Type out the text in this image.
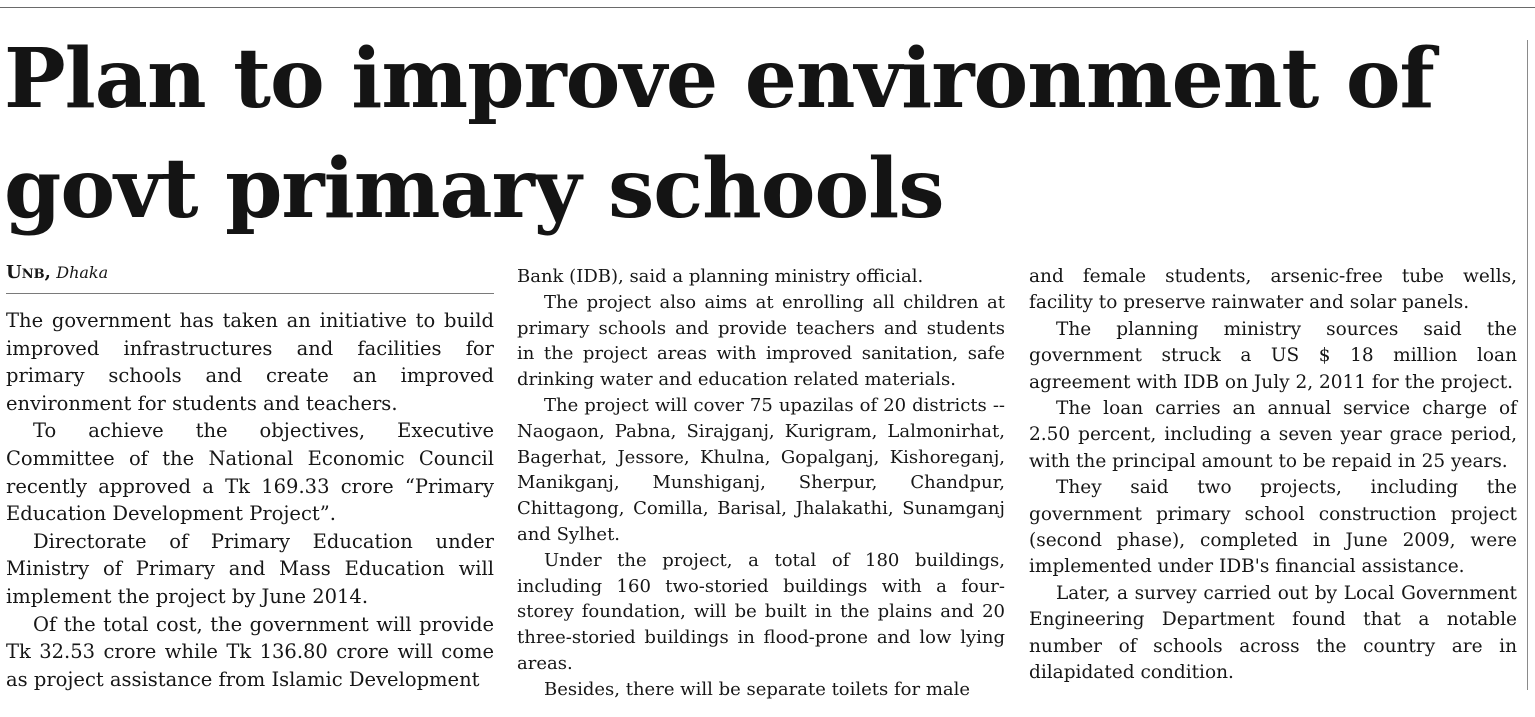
Plan to improve environment of govt primary schools
Unb, Dhaka

The government has taken an initiative to build improved infrastructures and facilities for primary schools and create an improved environment for students and teachers.

To achieve the objectives, Executive Committee of the National Economic Council recently approved a Tk 169.33 crore “Primary Education Development Project”.

Directorate of Primary Education under Ministry of Primary and Mass Education will implement the project by June 2014.

Of the total cost, the government will provide Tk 32.53 crore while Tk 136.80 crore will come as project assistance from Islamic Development

Bank (IDB), said a planning ministry official.

The project also aims at enrolling all children at primary schools and provide teachers and students in the project areas with improved sanitation, safe drinking water and education related materials.

The project will cover 75 upazilas of 20 districts -- Naogaon, Pabna, Sirajganj, Kurigram, Lalmonirhat, Bagerhat, Jessore, Khulna, Gopalganj, Kishoreganj, Manikganj, Munshiganj, Sherpur, Chandpur, Chittagong, Comilla, Barisal, Jhalakathi, Sunamganj and Sylhet.

Under the project, a total of 180 buildings, including 160 two-storied buildings with a four-storey foundation, will be built in the plains and 20 three-storied buildings in flood-prone and low lying areas.

Besides, there will be separate toilets for male

and female students, arsenic-free tube wells, facility to preserve rainwater and solar panels.

The planning ministry sources said the government struck a US $ 18 million loan agreement with IDB on July 2, 2011 for the project.

The loan carries an annual service charge of 2.50 percent, including a seven year grace period, with the principal amount to be repaid in 25 years.

They said two projects, including the government primary school construction project (second phase), completed in June 2009, were implemented under IDB's financial assistance.

Later, a survey carried out by Local Government Engineering Department found that a notable number of schools across the country are in dilapidated condition.
